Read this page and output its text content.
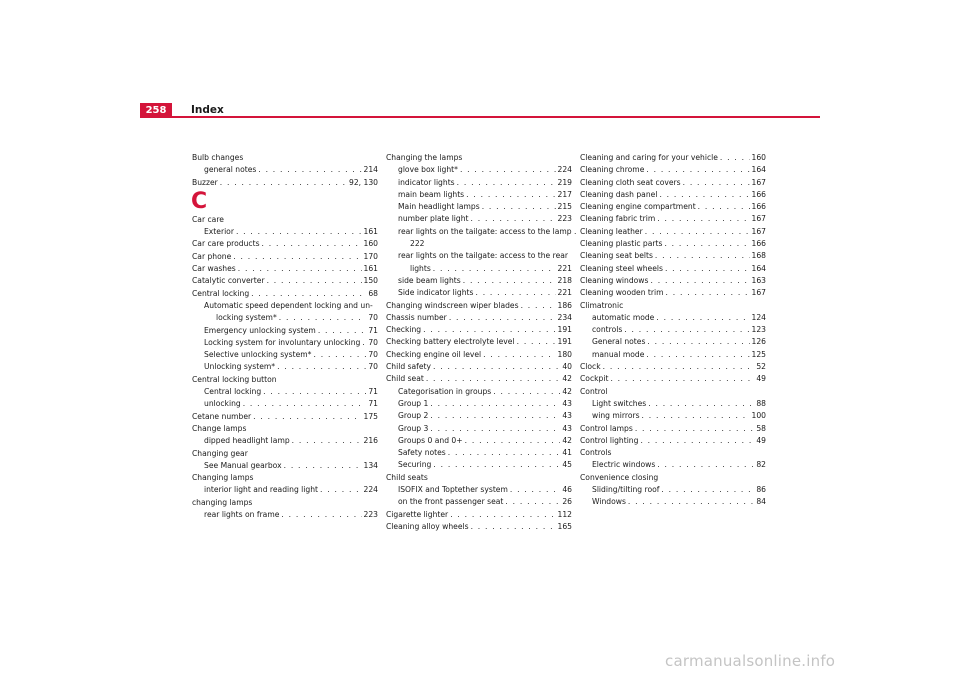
258	Index
Bulb changes
general notes . . .	214
Buzzer . . .	92, 130
C
Car care
Exterior . . .	161
Car care products . . .	160
Car phone . . .	170
Car washes . . .	161
Catalytic converter . . .	150
Central locking . . .	68
Automatic speed dependent locking and un-
locking system* . . .	70
Emergency unlocking system . . .	71
Locking system for involuntary unlocking . . . 70
Selective unlocking system* . . .	70
Unlocking system* . . .	70
Central locking button
Central locking . . .	71
unlocking . . .	71
Cetane number . . .	175
Change lamps
dipped headlight lamp . . .	216
Changing gear
See Manual gearbox . . .	134
Changing lamps
interior light and reading light . . .	224
changing lamps
rear lights on frame . . .	223
Changing the lamps
glove box light* . . .	224
indicator lights . . .	219
main beam lights . . .	217
Main headlight lamps . . .	215
number plate light . . .	223
rear lights on the tailgate: access to the lamp .
222
rear lights on the tailgate: access to the rear
lights . . .	221
side beam lights . . .	218
Side indicator lights . . .	221
Changing windscreen wiper blades . . .	186
Chassis number . . .	234
Checking . . .	191
Checking battery electrolyte level . . .	191
Checking engine oil level . . .	180
Child safety . . .	40
Child seat . . .	42
Categorisation in groups . . .	42
Group 1 . . .	43
Group 2 . . .	43
Group 3 . . .	43
Groups 0 and 0+ . . .	42
Safety notes . . .	41
Securing . . .	45
Child seats
ISOFIX and Toptether system . . .	46
on the front passenger seat . . .	26
Cigarette lighter . . .	112
Cleaning alloy wheels . . .	165
Cleaning and caring for your vehicle . . .	160
Cleaning chrome . . .	164
Cleaning cloth seat covers . . .	167
Cleaning dash panel . . .	166
Cleaning engine compartment . . .	166
Cleaning fabric trim . . .	167
Cleaning leather . . .	167
Cleaning plastic parts . . .	166
Cleaning seat belts . . .	168
Cleaning steel wheels . . .	164
Cleaning windows . . .	163
Cleaning wooden trim . . .	167
Climatronic
automatic mode . . .	124
controls . . .	123
General notes . . .	126
manual mode . . .	125
Clock . . .	52
Cockpit . . .	49
Control
Light switches . . .	88
wing mirrors . . .	100
Control lamps . . .	58
Control lighting . . .	49
Controls
Electric windows . . .	82
Convenience closing
Sliding/tilting roof . . .	86
Windows . . .	84
carmanualsonline.info
